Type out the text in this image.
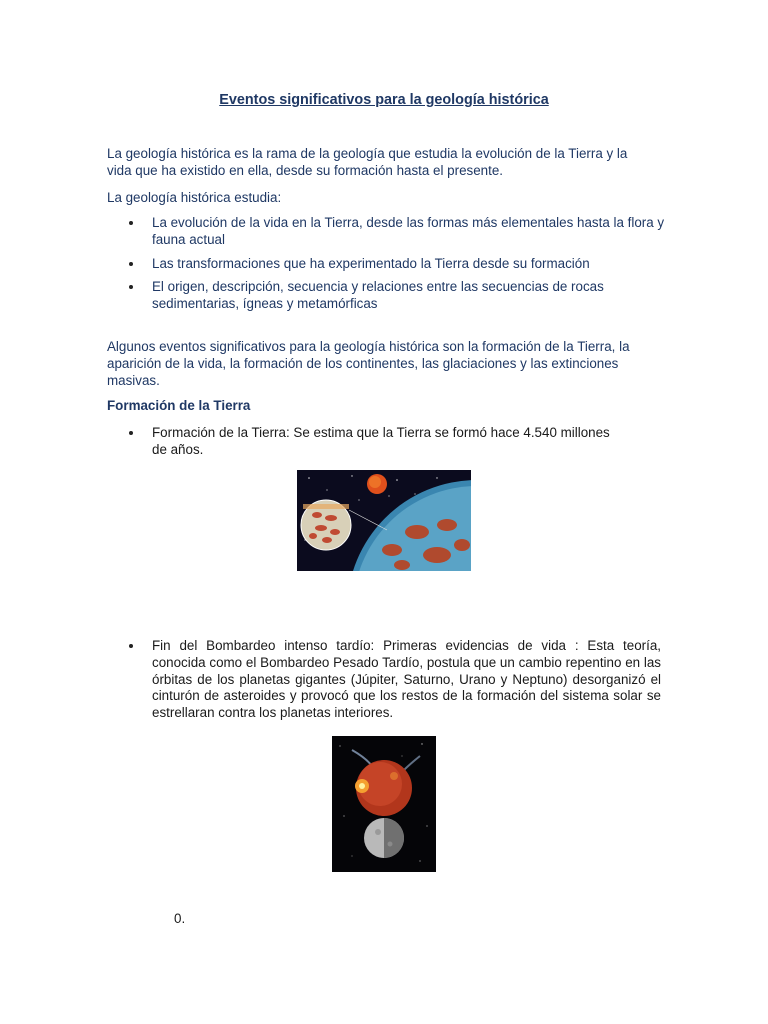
Eventos significativos para la geología histórica

La geología histórica es la rama de la geología que estudia la evolución de la Tierra y la vida que ha existido en ella, desde su formación hasta el presente.

La geología histórica estudia:

La evolución de la vida en la Tierra, desde las formas más elementales hasta la flora y fauna actual
Las transformaciones que ha experimentado la Tierra desde su formación
El origen, descripción, secuencia y relaciones entre las secuencias de rocas sedimentarias, ígneas y metamórficas

Algunos eventos significativos para la geología histórica son la formación de la Tierra, la aparición de la vida, la formación de los continentes, las glaciaciones y las extinciones masivas.

Formación de la Tierra
Formación de la Tierra: Se estima que la Tierra se formó hace 4.540 millones de años.
Fin del Bombardeo intenso tardío: Primeras evidencias de vida : Esta teoría, conocida como el Bombardeo Pesado Tardío, postula que un cambio repentino en las órbitas de los planetas gigantes (Júpiter, Saturno, Urano y Neptuno) desorganizó el cinturón de asteroides y provocó que los restos de la formación del sistema solar se estrellaran contra los planetas interiores.
0.
